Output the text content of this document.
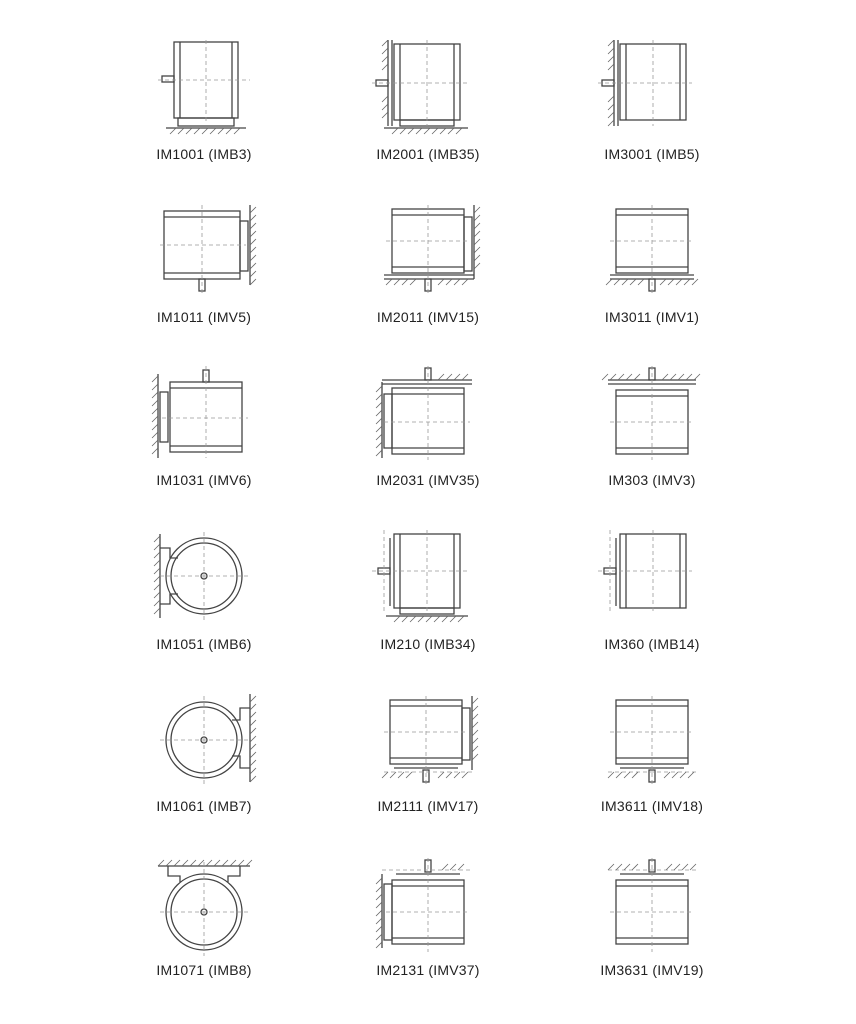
IM1001 (IMB3)	IM2001 (IMB35)	IM3001 (IMB5)
IM1011 (IMV5)	IM2011 (IMV15)	IM3011 (IMV1)
IM1031 (IMV6)	IM2031 (IMV35)	IM303 (IMV3)
IM1051 (IMB6)	IM210 (IMB34)	IM360 (IMB14)
IM1061 (IMB7)	IM2111 (IMV17)	IM3611 (IMV18)
IM1071 (IMB8)	IM2131 (IMV37)	IM3631 (IMV19)
